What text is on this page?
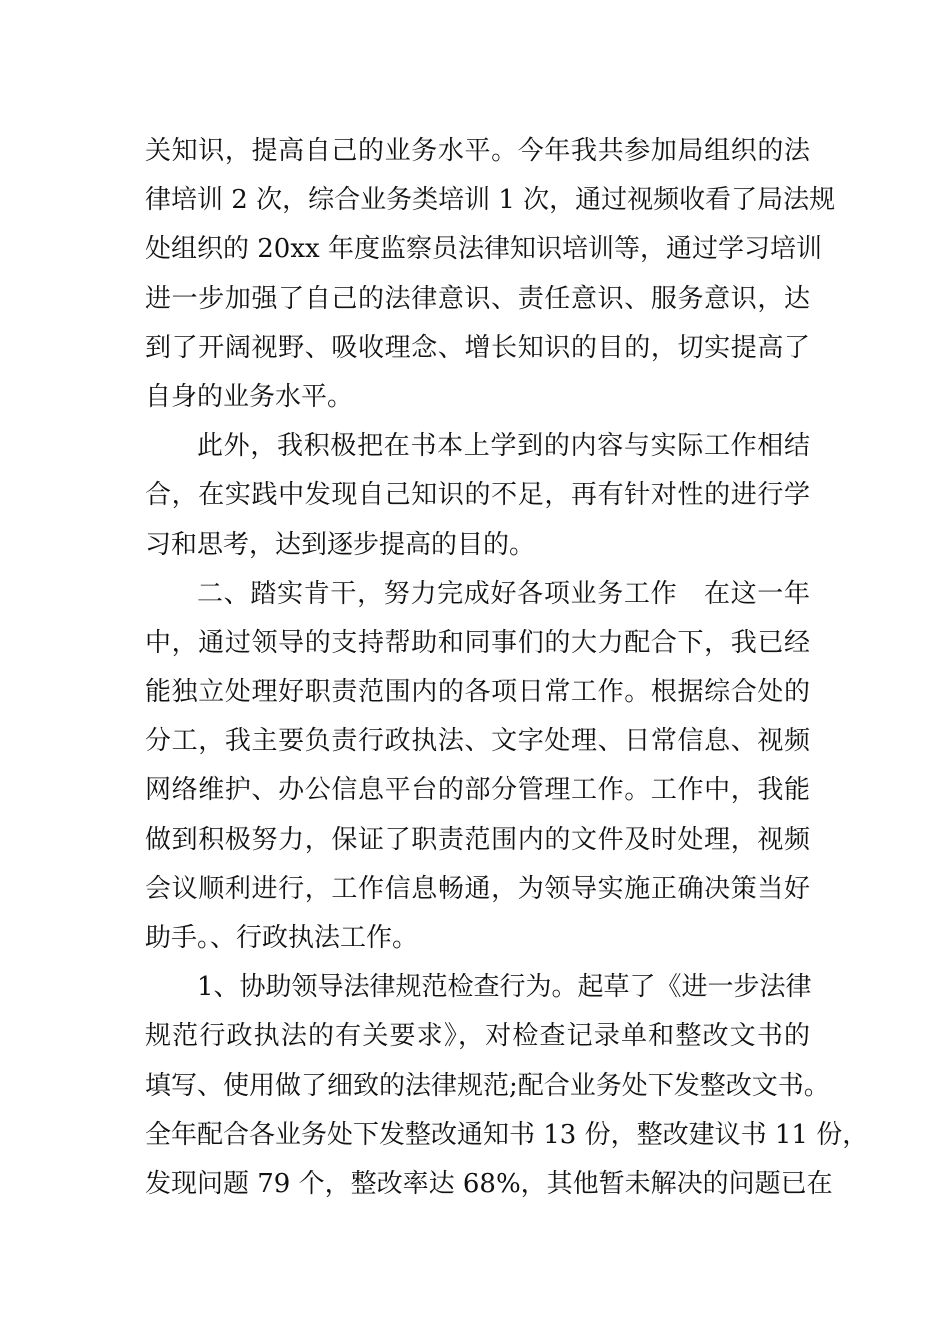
关知识，提高自己的业务水平。今年我共参加局组织的法
律培训 2 次，综合业务类培训 1 次，通过视频收看了局法规
处组织的 20xx 年度监察员法律知识培训等，通过学习培训
进一步加强了自己的法律意识、责任意识、服务意识，达
到了开阔视野、吸收理念、增长知识的目的，切实提高了
自身的业务水平。
此外，我积极把在书本上学到的内容与实际工作相结
合，在实践中发现自己知识的不足，再有针对性的进行学
习和思考，达到逐步提高的目的。
二、踏实肯干，努力完成好各项业务工作　在这一年
中，通过领导的支持帮助和同事们的大力配合下，我已经
能独立处理好职责范围内的各项日常工作。根据综合处的
分工，我主要负责行政执法、文字处理、日常信息、视频
网络维护、办公信息平台的部分管理工作。工作中，我能
做到积极努力，保证了职责范围内的文件及时处理，视频
会议顺利进行，工作信息畅通，为领导实施正确决策当好
助手。、行政执法工作。
1、协助领导法律规范检查行为。起草了《进一步法律
规范行政执法的有关要求》，对检查记录单和整改文书的
填写、使用做了细致的法律规范;配合业务处下发整改文书。
全年配合各业务处下发整改通知书 13 份，整改建议书 11 份，
发现问题 79 个，整改率达 68%，其他暂未解决的问题已在
